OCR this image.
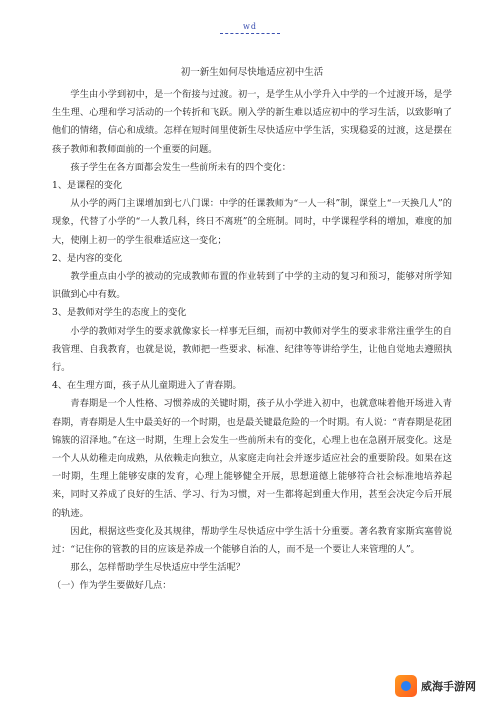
wd
初一新生如何尽快地适应初中生活

学生由小学到初中，是一个衔接与过渡。初一，是学生从小学升入中学的一个过渡开场，是学生生理、心理和学习活动的一个转折和飞跃。刚入学的新生难以适应初中的学习生活，以致影响了他们的情绪，信心和成绩。怎样在短时间里使新生尽快适应中学生活，实现稳妥的过渡，这是摆在孩子教师和教师面前的一个重要的问题。

孩子学生在各方面都会发生一些前所未有的四个变化：

1、是课程的变化

从小学的两门主课增加到七八门课：中学的任课教师为“一人一科”制，课堂上“一天换几人”的现象，代替了小学的“一人教几科，终日不离班”的全班制。同时，中学课程学科的增加，难度的加大，使刚上初一的学生很难适应这一变化；

2、是内容的变化

教学重点由小学的被动的完成教师布置的作业转到了中学的主动的复习和预习，能够对所学知识做到心中有数。

3、是教师对学生的态度上的变化

小学的教师对学生的要求就像家长一样事无巨细，而初中教师对学生的要求非常注重学生的自我管理、自我教育，也就是说，教师把一些要求、标准、纪律等等讲给学生，让他自觉地去遵照执行。

4、在生理方面，孩子从儿童期进入了青春期。

青春期是一个人性格、习惯养成的关键时期，孩子从小学进入初中，也就意味着他开场进入青春期，青春期是人生中最美好的一个时期，也是最关键最危险的一个时期。有人说：“青春期是花团锦簇的沼泽地。”在这一时期，生理上会发生一些前所未有的变化，心理上也在急剧开展变化。这是一个人从幼稚走向成熟，从依赖走向独立，从家庭走向社会并逐步适应社会的重要阶段。如果在这一时期，生理上能够安康的发育，心理上能够健全开展，思想道德上能够符合社会标准地培养起来，同时又养成了良好的生活、学习、行为习惯，对一生都将起到重大作用，甚至会决定今后开展的轨迹。

因此，根据这些变化及其规律，帮助学生尽快适应中学生活十分重要。著名教育家斯宾塞曾说过：“记住你的管教的目的应该是养成一个能够自治的人，而不是一个要让人来管理的人”。

那么，怎样帮助学生尽快适应中学生活呢？

（一）作为学生要做好几点：

威海手游网
